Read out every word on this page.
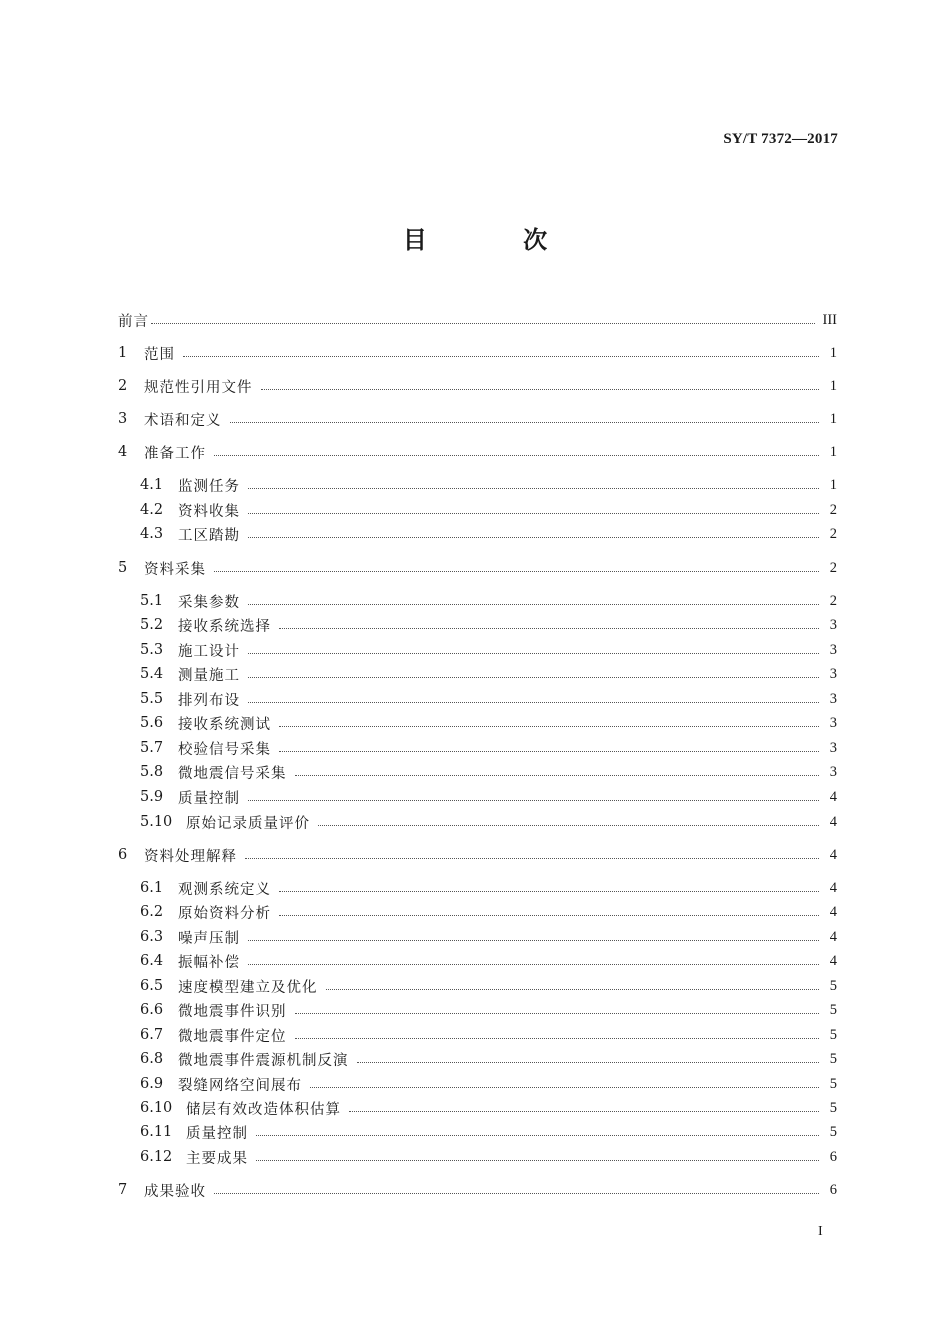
SY/T 7372—2017
目 次
前言	III
1	范围	1
2	规范性引用文件	1
3	术语和定义	1
4	准备工作	1
4.1	监测任务	1
4.2	资料收集	2
4.3	工区踏勘	2
5	资料采集	2
5.1	采集参数	2
5.2	接收系统选择	3
5.3	施工设计	3
5.4	测量施工	3
5.5	排列布设	3
5.6	接收系统测试	3
5.7	校验信号采集	3
5.8	微地震信号采集	3
5.9	质量控制	4
5.10 原始记录质量评价	4
6	资料处理解释	4
6.1	观测系统定义	4
6.2	原始资料分析	4
6.3	噪声压制	4
6.4	振幅补偿	4
6.5	速度模型建立及优化	5
6.6	微地震事件识别	5
6.7	微地震事件定位	5
6.8	微地震事件震源机制反演	5
6.9	裂缝网络空间展布	5
6.10 储层有效改造体积估算	5
6.11 质量控制	5
6.12 主要成果	6
7	成果验收	6
I
